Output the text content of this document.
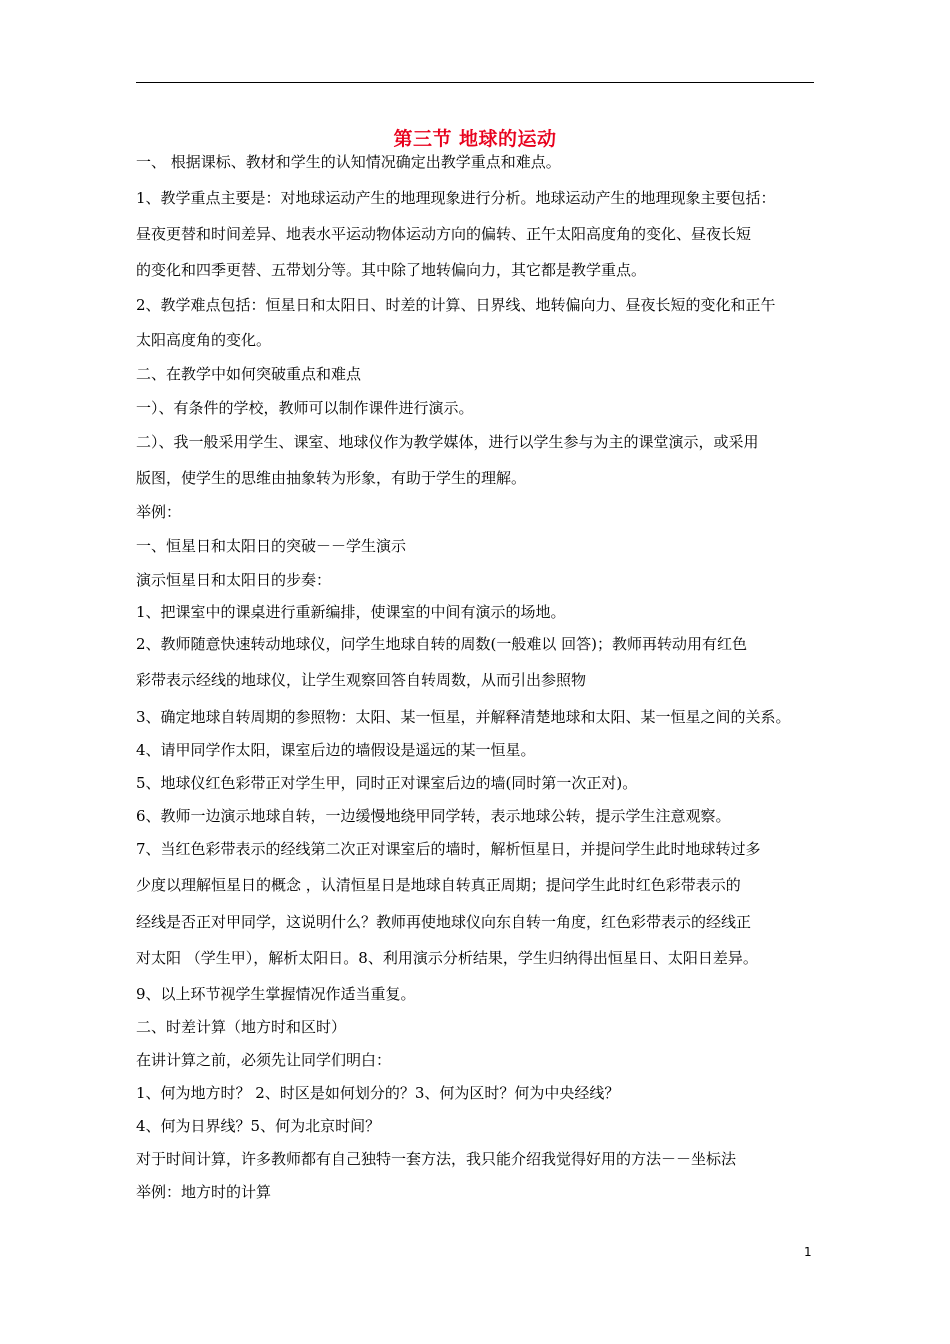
第三节 地球的运动
一、 根据课标、教材和学生的认知情况确定出教学重点和难点。
1、教学重点主要是：对地球运动产生的地理现象进行分析。地球运动产生的地理现象主要包括：
昼夜更替和时间差异、地表水平运动物体运动方向的偏转、正午太阳高度角的变化、昼夜长短
的变化和四季更替、五带划分等。其中除了地转偏向力，其它都是教学重点。
2、教学难点包括：恒星日和太阳日、时差的计算、日界线、地转偏向力、昼夜长短的变化和正午
太阳高度角的变化。
二、在教学中如何突破重点和难点
一）、有条件的学校，教师可以制作课件进行演示。
二）、我一般采用学生、课室、地球仪作为教学媒体，进行以学生参与为主的课堂演示，或采用
版图，使学生的思维由抽象转为形象，有助于学生的理解。
举例：
一、恒星日和太阳日的突破－－学生演示
演示恒星日和太阳日的步奏：
1、把课室中的课桌进行重新编排，使课室的中间有演示的场地。
2、教师随意快速转动地球仪，问学生地球自转的周数(一般难以 回答)；教师再转动用有红色
彩带表示经线的地球仪，让学生观察回答自转周数，从而引出参照物
3、确定地球自转周期的参照物：太阳、某一恒星，并解释清楚地球和太阳、某一恒星之间的关系。
4、请甲同学作太阳，课室后边的墙假设是遥远的某一恒星。
5、地球仪红色彩带正对学生甲，同时正对课室后边的墙(同时第一次正对)。
6、教师一边演示地球自转，一边缓慢地绕甲同学转，表示地球公转，提示学生注意观察。
7、当红色彩带表示的经线第二次正对课室后的墙时，解析恒星日，并提问学生此时地球转过多
少度以理解恒星日的概念 ，认清恒星日是地球自转真正周期；提问学生此时红色彩带表示的
经线是否正对甲同学，这说明什么？教师再使地球仪向东自转一角度，红色彩带表示的经线正
对太阳 （学生甲），解析太阳日。8、利用演示分析结果，学生归纳得出恒星日、太阳日差异。
9、以上环节视学生掌握情况作适当重复。
二、时差计算（地方时和区时）
在讲计算之前，必须先让同学们明白：
1、何为地方时？ 2、时区是如何划分的？3、何为区时？何为中央经线？
4、何为日界线？5、何为北京时间？
对于时间计算，许多教师都有自己独特一套方法，我只能介绍我觉得好用的方法－－坐标法
举例：地方时的计算
1
